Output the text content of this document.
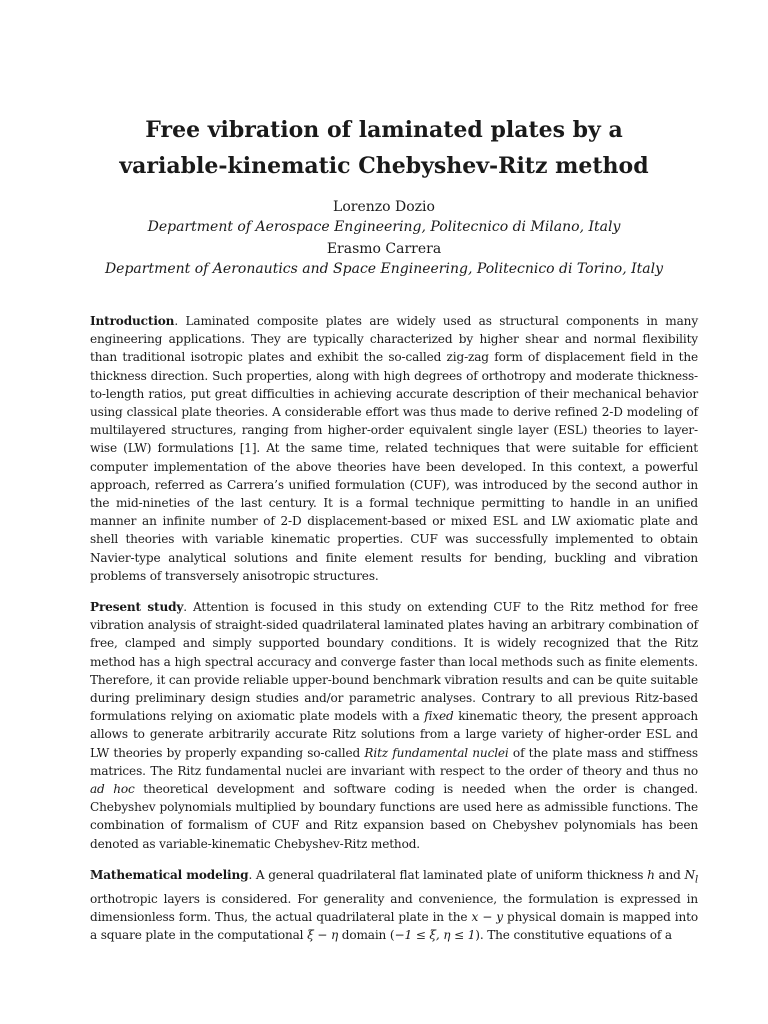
Free vibration of laminated plates by a
variable-kinematic Chebyshev-Ritz method
Lorenzo Dozio
Department of Aerospace Engineering, Politecnico di Milano, Italy
Erasmo Carrera
Department of Aeronautics and Space Engineering, Politecnico di Torino, Italy

Introduction. Laminated composite plates are widely used as structural components in many engineering applications. They are typically characterized by higher shear and normal flexibility than traditional isotropic plates and exhibit the so-called zig-zag form of displacement field in the thickness direction. Such properties, along with high degrees of orthotropy and moderate thickness-to-length ratios, put great difficulties in achieving accurate description of their mechanical behavior using classical plate theories. A considerable effort was thus made to derive refined 2-D modeling of multilayered structures, ranging from higher-order equivalent single layer (ESL) theories to layer-wise (LW) formulations [1]. At the same time, related techniques that were suitable for efficient computer implementation of the above theories have been developed. In this context, a powerful approach, referred as Carrera’s unified formulation (CUF), was introduced by the second author in the mid-nineties of the last century. It is a formal technique permitting to handle in an unified manner an infinite number of 2-D displacement-based or mixed ESL and LW axiomatic plate and shell theories with variable kinematic properties. CUF was successfully implemented to obtain Navier-type analytical solutions and finite element results for bending, buckling and vibration problems of transversely anisotropic structures.

Present study. Attention is focused in this study on extending CUF to the Ritz method for free vibration analysis of straight-sided quadrilateral laminated plates having an arbitrary combination of free, clamped and simply supported boundary conditions. It is widely recognized that the Ritz method has a high spectral accuracy and converge faster than local methods such as finite elements. Therefore, it can provide reliable upper-bound benchmark vibration results and can be quite suitable during preliminary design studies and/or parametric analyses. Contrary to all previous Ritz-based formulations relying on axiomatic plate models with a fixed kinematic theory, the present approach allows to generate arbitrarily accurate Ritz solutions from a large variety of higher-order ESL and LW theories by properly expanding so-called Ritz fundamental nuclei of the plate mass and stiffness matrices. The Ritz fundamental nuclei are invariant with respect to the order of theory and thus no ad hoc theoretical development and software coding is needed when the order is changed. Chebyshev polynomials multiplied by boundary functions are used here as admissible functions. The combination of formalism of CUF and Ritz expansion based on Chebyshev polynomials has been denoted as variable-kinematic Chebyshev-Ritz method.

Mathematical modeling. A general quadrilateral flat laminated plate of uniform thickness h and $N_l$ orthotropic layers is considered. For generality and convenience, the formulation is expressed in dimensionless form. Thus, the actual quadrilateral plate in the x − y physical domain is mapped into a square plate in the computational ξ − η domain (−1 ≤ ξ, η ≤ 1). The constitutive equations of a
